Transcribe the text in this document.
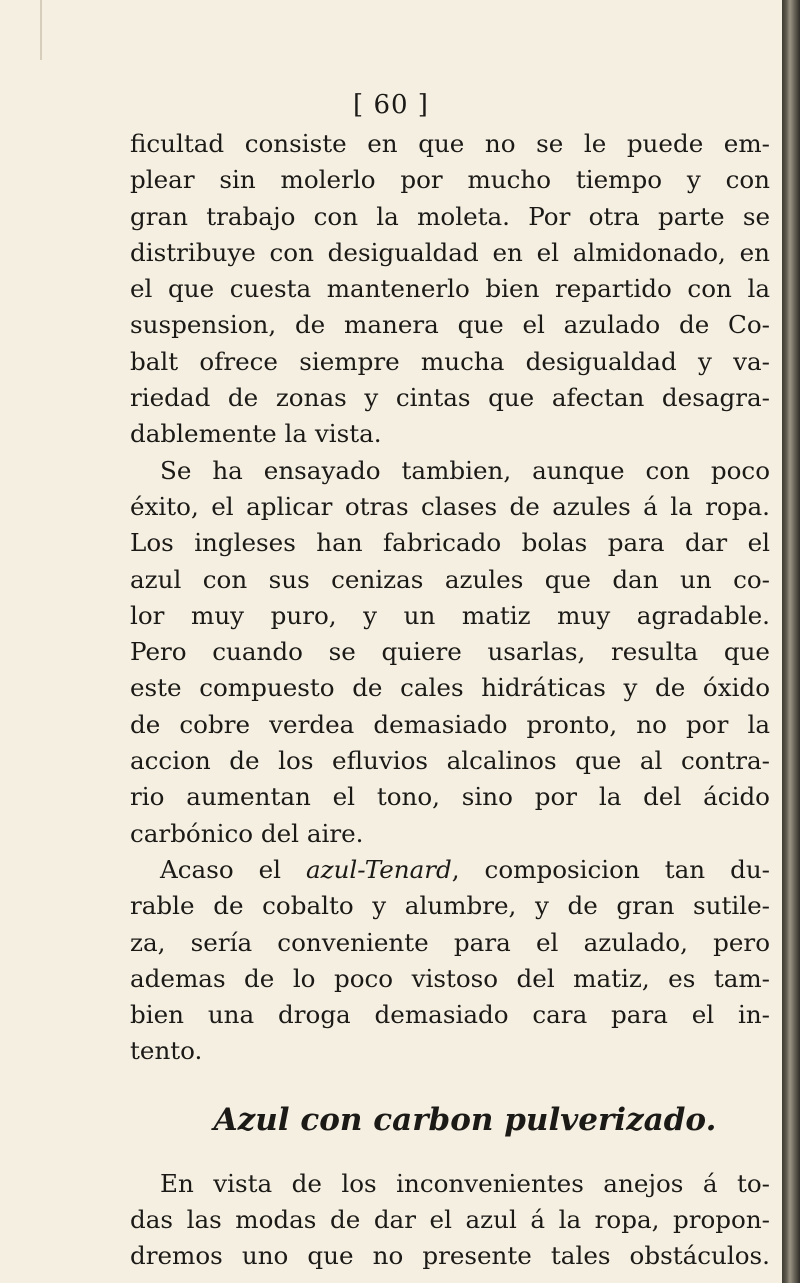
[ 60 ]
ficultad consiste en que no se le puede em-
plear sin molerlo por mucho tiempo y con
gran trabajo con la moleta. Por otra parte se
distribuye con desigualdad en el almidonado, en
el que cuesta mantenerlo bien repartido con la
suspension, de manera que el azulado de Co-
balt ofrece siempre mucha desigualdad y va-
riedad de zonas y cintas que afectan desagra-
dablemente la vista.
Se ha ensayado tambien, aunque con poco
éxito, el aplicar otras clases de azules á la ropa.
Los ingleses han fabricado bolas para dar el
azul con sus cenizas azules que dan un co-
lor muy puro, y un matiz muy agradable.
Pero cuando se quiere usarlas, resulta que
este compuesto de cales hidráticas y de óxido
de cobre verdea demasiado pronto, no por la
accion de los efluvios alcalinos que al contra-
rio aumentan el tono, sino por la del ácido
carbónico del aire.
Acaso el azul-Tenard, composicion tan du-
rable de cobalto y alumbre, y de gran sutile-
za, sería conveniente para el azulado, pero
ademas de lo poco vistoso del matiz, es tam-
bien una droga demasiado cara para el in-
tento.
Azul con carbon pulverizado.
En vista de los inconvenientes anejos á to-
das las modas de dar el azul á la ropa, propon-
dremos uno que no presente tales obstáculos.
